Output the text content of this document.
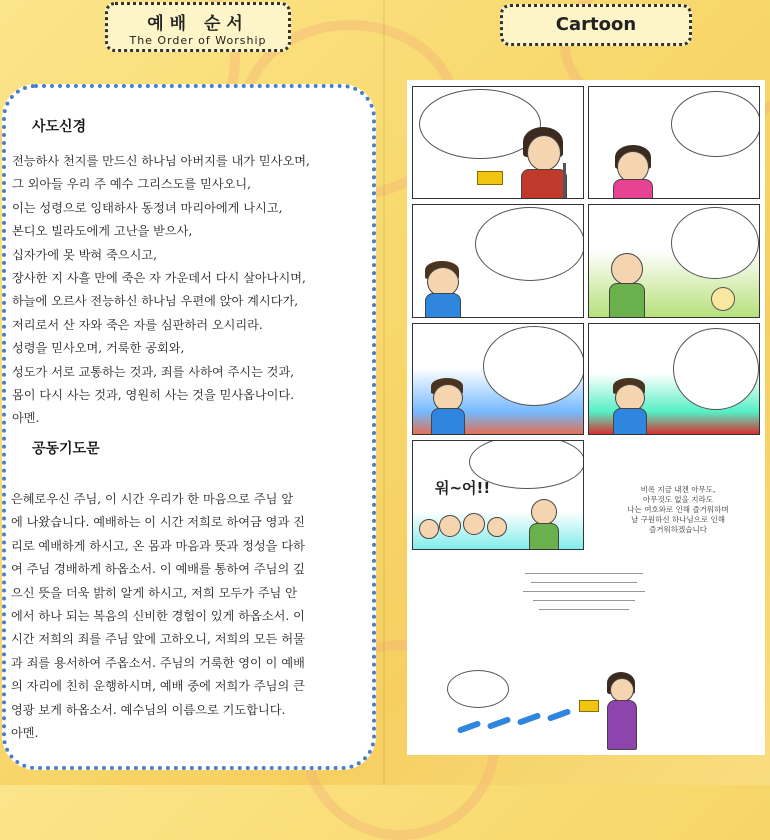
예배 순서
The Order of Worship
사도신경
전능하사 천지를 만드신 하나님 아버지를 내가 믿사오며,
그 외아들 우리 주 예수 그리스도를 믿사오니,
이는 성령으로 잉태하사 동정녀 마리아에게 나시고,
본디오 빌라도에게 고난을 받으사,
십자가에 못 박혀 죽으시고,
장사한 지 사흘 만에 죽은 자 가운데서 다시 살아나시며,
하늘에 오르사 전능하신 하나님 우편에 앉아 계시다가,
저리로서 산 자와 죽은 자를 심판하러 오시리라.
성령을 믿사오며, 거룩한 공회와,
성도가 서로 교통하는 것과, 죄를 사하여 주시는 것과,
몸이 다시 사는 것과, 영원히 사는 것을 믿사옵나이다.
아멘.
공동기도문
은혜로우신 주님, 이 시간 우리가 한 마음으로 주님 앞
에 나왔습니다. 예배하는 이 시간 저희로 하여금 영과 진
리로 예배하게 하시고, 온 몸과 마음과 뜻과 정성을 다하
여 주님 경배하게 하옵소서. 이 예배를 통하여 주님의 깊
으신 뜻을 더욱 밝히 알게 하시고, 저희 모두가 주님 안
에서 하나 되는 복음의 신비한 경험이 있게 하옵소서. 이
시간 저희의 죄를 주님 앞에 고하오니, 저희의 모든 허물
과 죄를 용서하여 주옵소서. 주님의 거룩한 영이 이 예배
의 자리에 친히 운행하시며, 예배 중에 저희가 주님의 큰
영광 보게 하옵소서. 예수님의 이름으로 기도합니다.
아멘.
Cartoon
워~어!!	비록 지금 내겐 아무도,
아무것도 없을 지라도
나는 여호와로 인해 즐거워하며
날 구원하신 하나님으로 인해
즐거워하겠습니다
